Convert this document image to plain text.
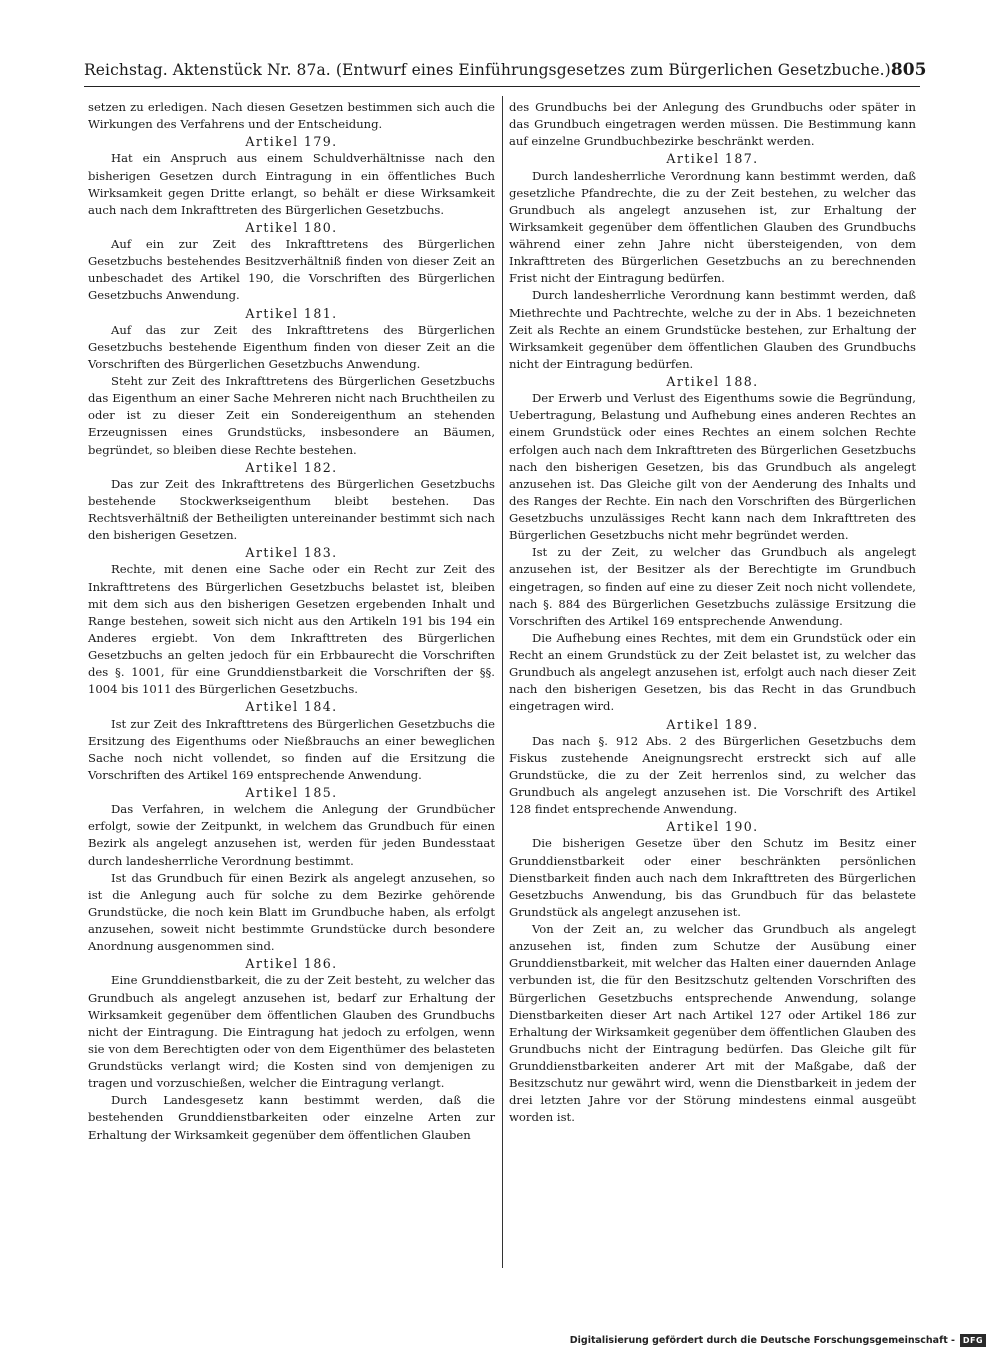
Reichstag. Aktenstück Nr. 87a. (Entwurf eines Einführungsgesetzes zum Bürgerlichen Gesetzbuche.) 805

setzen zu erledigen. Nach diesen Gesetzen bestimmen sich auch die Wirkungen des Verfahrens und der Entscheidung.

Artikel 179.

Hat ein Anspruch aus einem Schuldverhältnisse nach den bisherigen Gesetzen durch Eintragung in ein öffentliches Buch Wirksamkeit gegen Dritte erlangt, so behält er diese Wirksamkeit auch nach dem Inkrafttreten des Bürgerlichen Gesetzbuchs.

Artikel 180.

Auf ein zur Zeit des Inkrafttretens des Bürgerlichen Gesetzbuchs bestehendes Besitzverhältniß finden von dieser Zeit an unbeschadet des Artikel 190, die Vorschriften des Bürgerlichen Gesetzbuchs Anwendung.

Artikel 181.

Auf das zur Zeit des Inkrafttretens des Bürgerlichen Gesetzbuchs bestehende Eigenthum finden von dieser Zeit an die Vorschriften des Bürgerlichen Gesetzbuchs Anwendung.

Steht zur Zeit des Inkrafttretens des Bürgerlichen Gesetzbuchs das Eigenthum an einer Sache Mehreren nicht nach Bruchtheilen zu oder ist zu dieser Zeit ein Sondereigenthum an stehenden Erzeugnissen eines Grundstücks, insbesondere an Bäumen, begründet, so bleiben diese Rechte bestehen.

Artikel 182.

Das zur Zeit des Inkrafttretens des Bürgerlichen Gesetzbuchs bestehende Stockwerkseigenthum bleibt bestehen. Das Rechtsverhältniß der Betheiligten untereinander bestimmt sich nach den bisherigen Gesetzen.

Artikel 183.

Rechte, mit denen eine Sache oder ein Recht zur Zeit des Inkrafttretens des Bürgerlichen Gesetzbuchs belastet ist, bleiben mit dem sich aus den bisherigen Gesetzen ergebenden Inhalt und Range bestehen, soweit sich nicht aus den Artikeln 191 bis 194 ein Anderes ergiebt. Von dem Inkrafttreten des Bürgerlichen Gesetzbuchs an gelten jedoch für ein Erbbaurecht die Vorschriften des §. 1001, für eine Grunddienstbarkeit die Vorschriften der §§. 1004 bis 1011 des Bürgerlichen Gesetzbuchs.

Artikel 184.

Ist zur Zeit des Inkrafttretens des Bürgerlichen Gesetzbuchs die Ersitzung des Eigenthums oder Nießbrauchs an einer beweglichen Sache noch nicht vollendet, so finden auf die Ersitzung die Vorschriften des Artikel 169 entsprechende Anwendung.

Artikel 185.

Das Verfahren, in welchem die Anlegung der Grundbücher erfolgt, sowie der Zeitpunkt, in welchem das Grundbuch für einen Bezirk als angelegt anzusehen ist, werden für jeden Bundesstaat durch landesherrliche Verordnung bestimmt.

Ist das Grundbuch für einen Bezirk als angelegt anzusehen, so ist die Anlegung auch für solche zu dem Bezirke gehörende Grundstücke, die noch kein Blatt im Grundbuche haben, als erfolgt anzusehen, soweit nicht bestimmte Grundstücke durch besondere Anordnung ausgenommen sind.

Artikel 186.

Eine Grunddienstbarkeit, die zu der Zeit besteht, zu welcher das Grundbuch als angelegt anzusehen ist, bedarf zur Erhaltung der Wirksamkeit gegenüber dem öffentlichen Glauben des Grundbuchs nicht der Eintragung. Die Eintragung hat jedoch zu erfolgen, wenn sie von dem Berechtigten oder von dem Eigenthümer des belasteten Grundstücks verlangt wird; die Kosten sind von demjenigen zu tragen und vorzuschießen, welcher die Eintragung verlangt.

Durch Landesgesetz kann bestimmt werden, daß die bestehenden Grunddienstbarkeiten oder einzelne Arten zur Erhaltung der Wirksamkeit gegenüber dem öffentlichen Glauben

des Grundbuchs bei der Anlegung des Grundbuchs oder später in das Grundbuch eingetragen werden müssen. Die Bestimmung kann auf einzelne Grundbuchbezirke beschränkt werden.

Artikel 187.

Durch landesherrliche Verordnung kann bestimmt werden, daß gesetzliche Pfandrechte, die zu der Zeit bestehen, zu welcher das Grundbuch als angelegt anzusehen ist, zur Erhaltung der Wirksamkeit gegenüber dem öffentlichen Glauben des Grundbuchs während einer zehn Jahre nicht übersteigenden, von dem Inkrafttreten des Bürgerlichen Gesetzbuchs an zu berechnenden Frist nicht der Eintragung bedürfen.

Durch landesherrliche Verordnung kann bestimmt werden, daß Miethrechte und Pachtrechte, welche zu der in Abs. 1 bezeichneten Zeit als Rechte an einem Grundstücke bestehen, zur Erhaltung der Wirksamkeit gegenüber dem öffentlichen Glauben des Grundbuchs nicht der Eintragung bedürfen.

Artikel 188.

Der Erwerb und Verlust des Eigenthums sowie die Begründung, Uebertragung, Belastung und Aufhebung eines anderen Rechtes an einem Grundstück oder eines Rechtes an einem solchen Rechte erfolgen auch nach dem Inkrafttreten des Bürgerlichen Gesetzbuchs nach den bisherigen Gesetzen, bis das Grundbuch als angelegt anzusehen ist. Das Gleiche gilt von der Aenderung des Inhalts und des Ranges der Rechte. Ein nach den Vorschriften des Bürgerlichen Gesetzbuchs unzulässiges Recht kann nach dem Inkrafttreten des Bürgerlichen Gesetzbuchs nicht mehr begründet werden.

Ist zu der Zeit, zu welcher das Grundbuch als angelegt anzusehen ist, der Besitzer als der Berechtigte im Grundbuch eingetragen, so finden auf eine zu dieser Zeit noch nicht vollendete, nach §. 884 des Bürgerlichen Gesetzbuchs zulässige Ersitzung die Vorschriften des Artikel 169 entsprechende Anwendung.

Die Aufhebung eines Rechtes, mit dem ein Grundstück oder ein Recht an einem Grundstück zu der Zeit belastet ist, zu welcher das Grundbuch als angelegt anzusehen ist, erfolgt auch nach dieser Zeit nach den bisherigen Gesetzen, bis das Recht in das Grundbuch eingetragen wird.

Artikel 189.

Das nach §. 912 Abs. 2 des Bürgerlichen Gesetzbuchs dem Fiskus zustehende Aneignungsrecht erstreckt sich auf alle Grundstücke, die zu der Zeit herrenlos sind, zu welcher das Grundbuch als angelegt anzusehen ist. Die Vorschrift des Artikel 128 findet entsprechende Anwendung.

Artikel 190.

Die bisherigen Gesetze über den Schutz im Besitz einer Grunddienstbarkeit oder einer beschränkten persönlichen Dienstbarkeit finden auch nach dem Inkrafttreten des Bürgerlichen Gesetzbuchs Anwendung, bis das Grundbuch für das belastete Grundstück als angelegt anzusehen ist.

Von der Zeit an, zu welcher das Grundbuch als angelegt anzusehen ist, finden zum Schutze der Ausübung einer Grunddienstbarkeit, mit welcher das Halten einer dauernden Anlage verbunden ist, die für den Besitzschutz geltenden Vorschriften des Bürgerlichen Gesetzbuchs entsprechende Anwendung, solange Dienstbarkeiten dieser Art nach Artikel 127 oder Artikel 186 zur Erhaltung der Wirksamkeit gegenüber dem öffentlichen Glauben des Grundbuchs nicht der Eintragung bedürfen. Das Gleiche gilt für Grunddienstbarkeiten anderer Art mit der Maßgabe, daß der Besitzschutz nur gewährt wird, wenn die Dienstbarkeit in jedem der drei letzten Jahre vor der Störung mindestens einmal ausgeübt worden ist.

Digitalisierung gefördert durch die Deutsche Forschungsgemeinschaft - DFG
